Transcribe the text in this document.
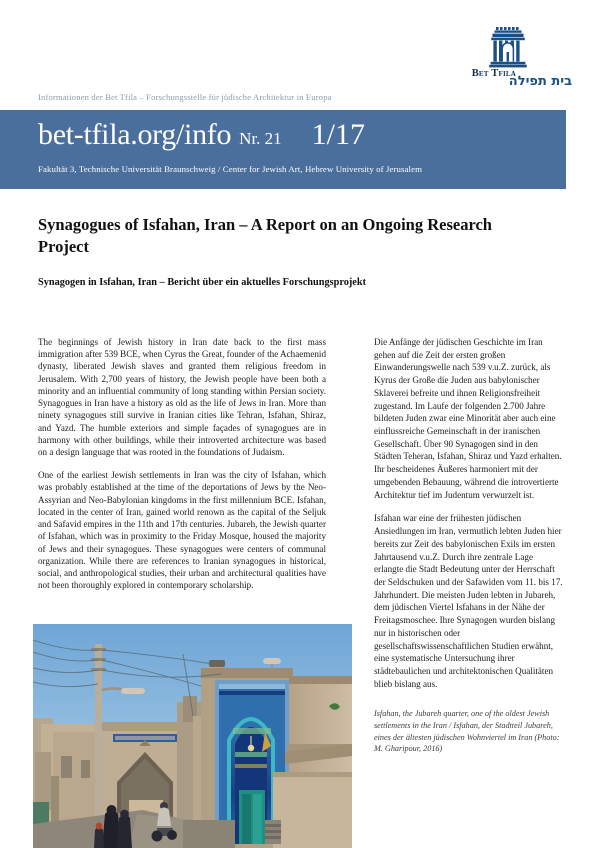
Bet Tfila
בית תפילה
Informationen der Bet Tfila – Forschungsstelle für jüdische Architektur in Europa
bet-tfila.org/info Nr. 21 1/17
Fakultät 3, Technische Universität Braunschweig / Center for Jewish Art, Hebrew University of Jerusalem
Synagogues of Isfahan, Iran – A Report on an Ongoing Research Project
Synagogen in Isfahan, Iran – Bericht über ein aktuelles Forschungsprojekt

The beginnings of Jewish history in Iran date back to the first mass immigration after 539 BCE, when Cyrus the Great, founder of the Achaemenid dynasty, liberated Jewish slaves and granted them religious freedom in Jerusalem. With 2,700 years of history, the Jewish people have been both a minority and an influential community of long standing within Persian society. Synagogues in Iran have a history as old as the life of Jews in Iran. More than ninety synagogues still survive in Iranian cities like Tehran, Isfahan, Shiraz, and Yazd. The humble exteriors and simple façades of synagogues are in harmony with other buildings, while their introverted architecture was based on a design language that was rooted in the foundations of Judaism.

One of the earliest Jewish settlements in Iran was the city of Isfahan, which was probably established at the time of the deportations of Jews by the Neo-Assyrian and Neo-Babylonian kingdoms in the first millennium BCE. Isfahan, located in the center of Iran, gained world renown as the capital of the Seljuk and Safavid empires in the 11th and 17th centuries. Jubareh, the Jewish quarter of Isfahan, which was in proximity to the Friday Mosque, housed the majority of Jews and their synagogues. These synagogues were centers of communal organization. While there are references to Iranian synagogues in historical, social, and anthropological studies, their urban and architectural qualities have not been thoroughly explored in contemporary scholarship.

Die Anfänge der jüdischen Geschichte im Iran gehen auf die Zeit der ersten großen Einwanderungswelle nach 539 v.u.Z. zurück, als Kyrus der Große die Juden aus babylonischer Sklaverei befreite und ihnen Religionsfreiheit zugestand. Im Laufe der folgenden 2.700 Jahre bildeten Juden zwar eine Minorität aber auch eine einflussreiche Gemeinschaft in der iranischen Gesellschaft. Über 90 Synagogen sind in den Städten Teheran, Isfahan, Shiraz und Yazd erhalten. Ihr bescheidenes Äußeres harmoniert mit der umgebenden Bebauung, während die introvertierte Architektur tief im Judentum verwurzelt ist.

Isfahan war eine der frühesten jüdischen Ansiedlungen im Iran, vermutlich lebten Juden hier bereits zur Zeit des babylonischen Exils im ersten Jahrtausend v.u.Z. Durch ihre zentrale Lage erlangte die Stadt Bedeutung unter der Herrschaft der Seldschuken und der Safawiden vom 11. bis 17. Jahrhundert. Die meisten Juden lebten in Jubareh, dem jüdischen Viertel Isfahans in der Nähe der Freitagsmoschee. Ihre Synagogen wurden bislang nur in historischen oder gesellschaftswissenschaftlichen Studien erwähnt, eine systematische Untersuchung ihrer städtebaulichen und architektonischen Qualitäten blieb bislang aus.

Isfahan, the Jubareh quarter, one of the oldest Jewish settlements in the Iran / Isfahan, der Stadtteil Jubareh, eines der ältesten jüdischen Wohnviertel im Iran (Photo: M. Gharipour, 2016)
